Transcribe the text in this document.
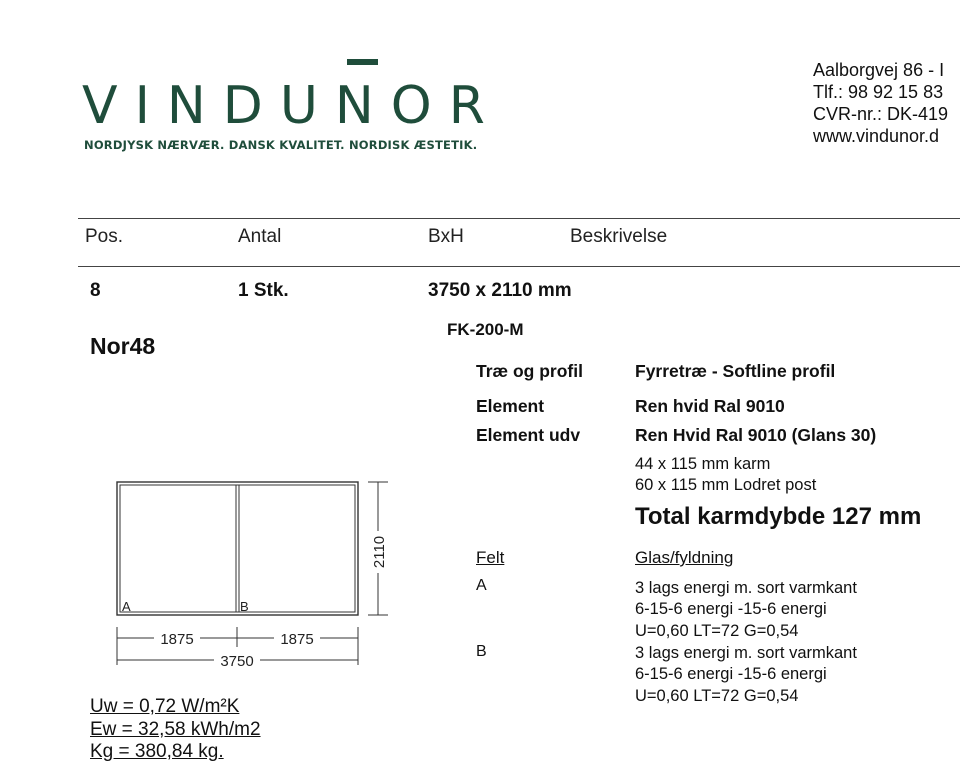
VINDUNOR
NORDJYSK NÆRVÆR. DANSK KVALITET. NORDISK ÆSTETIK.
Aalborgvej 86 - I
Tlf.: 98 92 15 83
CVR-nr.: DK-419
www.vindunor.d
Pos.	Antal	BxH	Beskrivelse
8	1 Stk.	3750 x 2110 mm
Nor48
FK-200-M
Træ og profil	Fyrretræ - Softline profil
Element	Ren hvid Ral 9010
Element udv	Ren Hvid Ral 9010 (Glans 30)
44 x 115 mm karm
60 x 115 mm Lodret post
Total karmdybde 127 mm
Felt	Glas/fyldning
A	3 lags energi m. sort varmkant
6-15-6 energi -15-6 energi
U=0,60 LT=72 G=0,54
B	3 lags energi m. sort varmkant
6-15-6 energi -15-6 energi
U=0,60 LT=72 G=0,54
A	B
2110
1875	1875
3750
Uw = 0,72 W/m²K
Ew = 32,58 kWh/m2
Kg = 380,84 kg.
